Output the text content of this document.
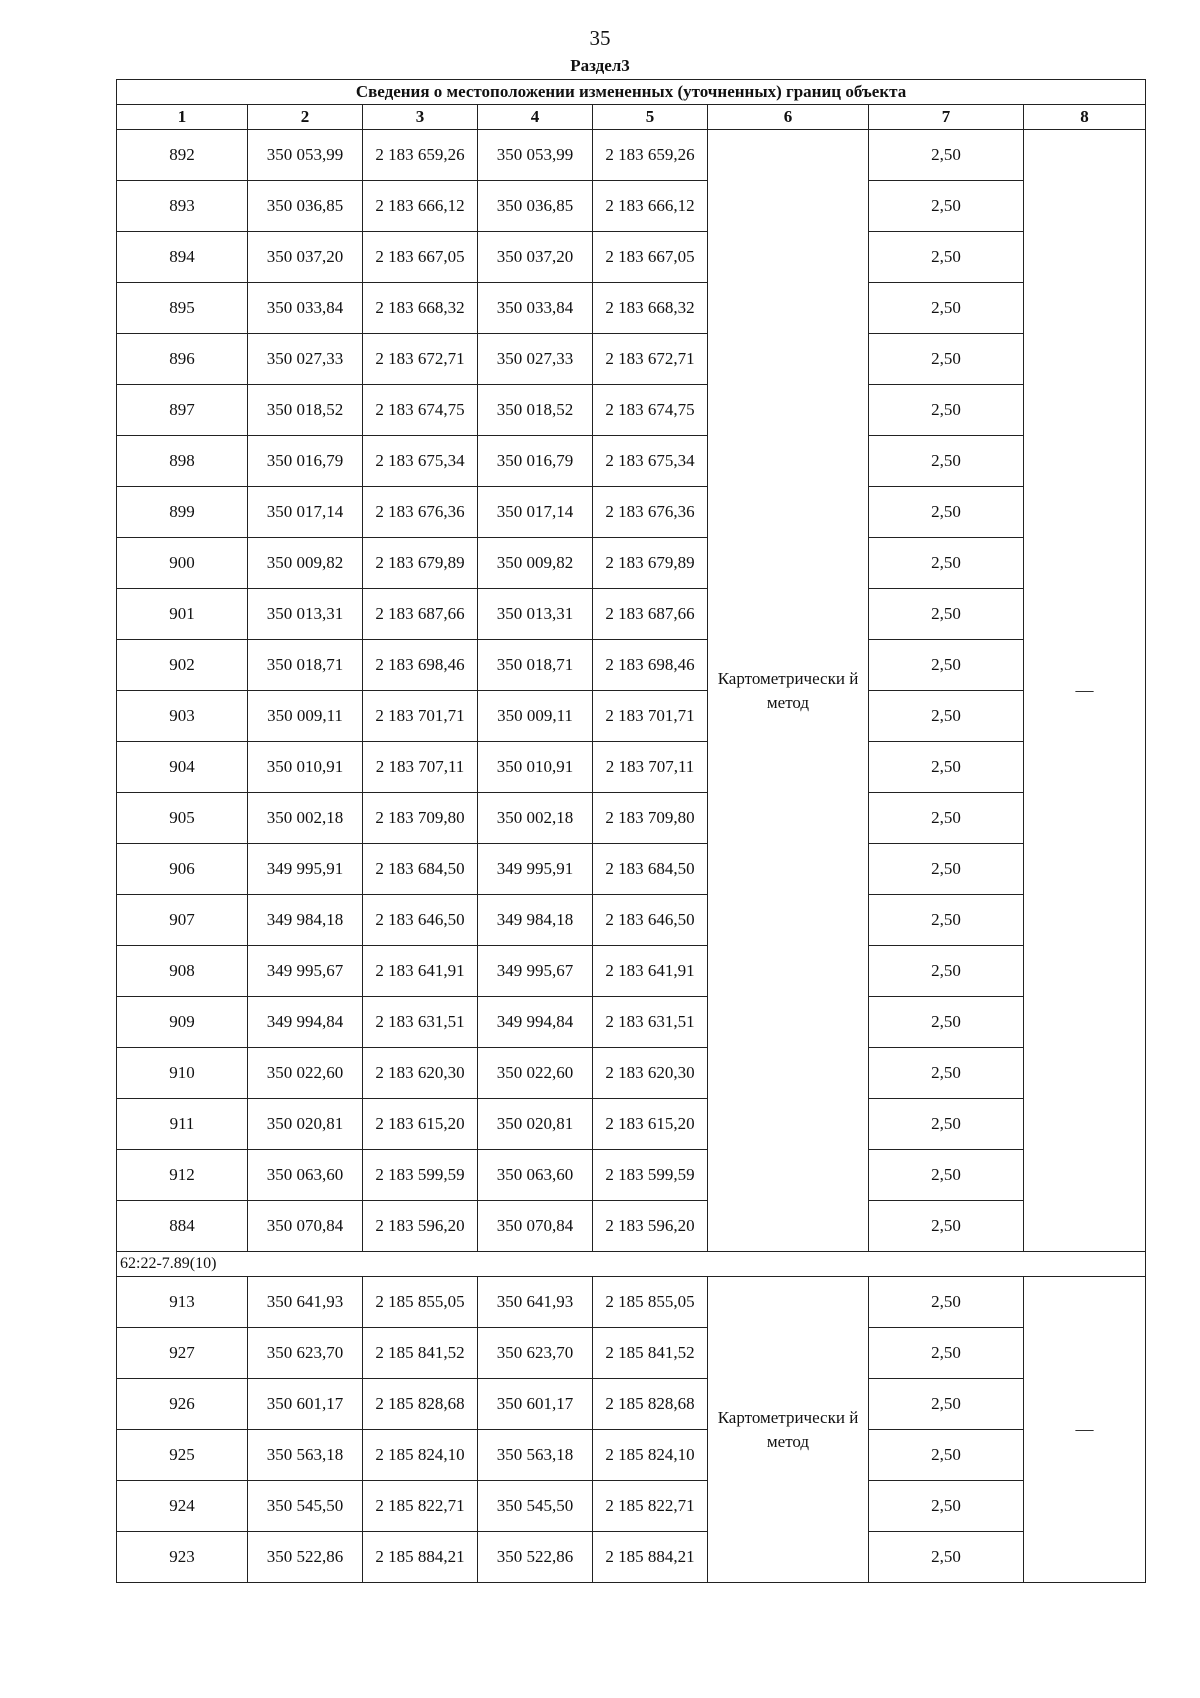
35
Раздел3
Сведения о местоположении измененных (уточненных) границ объекта							
1	2	3	4	5	6	7	8
892	350 053,99	2 183 659,26	350 053,99	2 183 659,26	Картометрически й метод	2,50	—
893	350 036,85	2 183 666,12	350 036,85	2 183 666,12		2,50	
894	350 037,20	2 183 667,05	350 037,20	2 183 667,05		2,50	
895	350 033,84	2 183 668,32	350 033,84	2 183 668,32		2,50	
896	350 027,33	2 183 672,71	350 027,33	2 183 672,71		2,50	
897	350 018,52	2 183 674,75	350 018,52	2 183 674,75		2,50	
898	350 016,79	2 183 675,34	350 016,79	2 183 675,34		2,50	
899	350 017,14	2 183 676,36	350 017,14	2 183 676,36		2,50	
900	350 009,82	2 183 679,89	350 009,82	2 183 679,89		2,50	
901	350 013,31	2 183 687,66	350 013,31	2 183 687,66		2,50	
902	350 018,71	2 183 698,46	350 018,71	2 183 698,46		2,50	
903	350 009,11	2 183 701,71	350 009,11	2 183 701,71		2,50	
904	350 010,91	2 183 707,11	350 010,91	2 183 707,11		2,50	
905	350 002,18	2 183 709,80	350 002,18	2 183 709,80		2,50	
906	349 995,91	2 183 684,50	349 995,91	2 183 684,50		2,50	
907	349 984,18	2 183 646,50	349 984,18	2 183 646,50		2,50	
908	349 995,67	2 183 641,91	349 995,67	2 183 641,91		2,50	
909	349 994,84	2 183 631,51	349 994,84	2 183 631,51		2,50	
910	350 022,60	2 183 620,30	350 022,60	2 183 620,30		2,50	
911	350 020,81	2 183 615,20	350 020,81	2 183 615,20		2,50	
912	350 063,60	2 183 599,59	350 063,60	2 183 599,59		2,50	
884	350 070,84	2 183 596,20	350 070,84	2 183 596,20		2,50	
62:22-7.89(10)							
913	350 641,93	2 185 855,05	350 641,93	2 185 855,05	Картометрически й метод	2,50	—
927	350 623,70	2 185 841,52	350 623,70	2 185 841,52		2,50	
926	350 601,17	2 185 828,68	350 601,17	2 185 828,68		2,50	
925	350 563,18	2 185 824,10	350 563,18	2 185 824,10		2,50	
924	350 545,50	2 185 822,71	350 545,50	2 185 822,71		2,50	
923	350 522,86	2 185 884,21	350 522,86	2 185 884,21		2,50	
